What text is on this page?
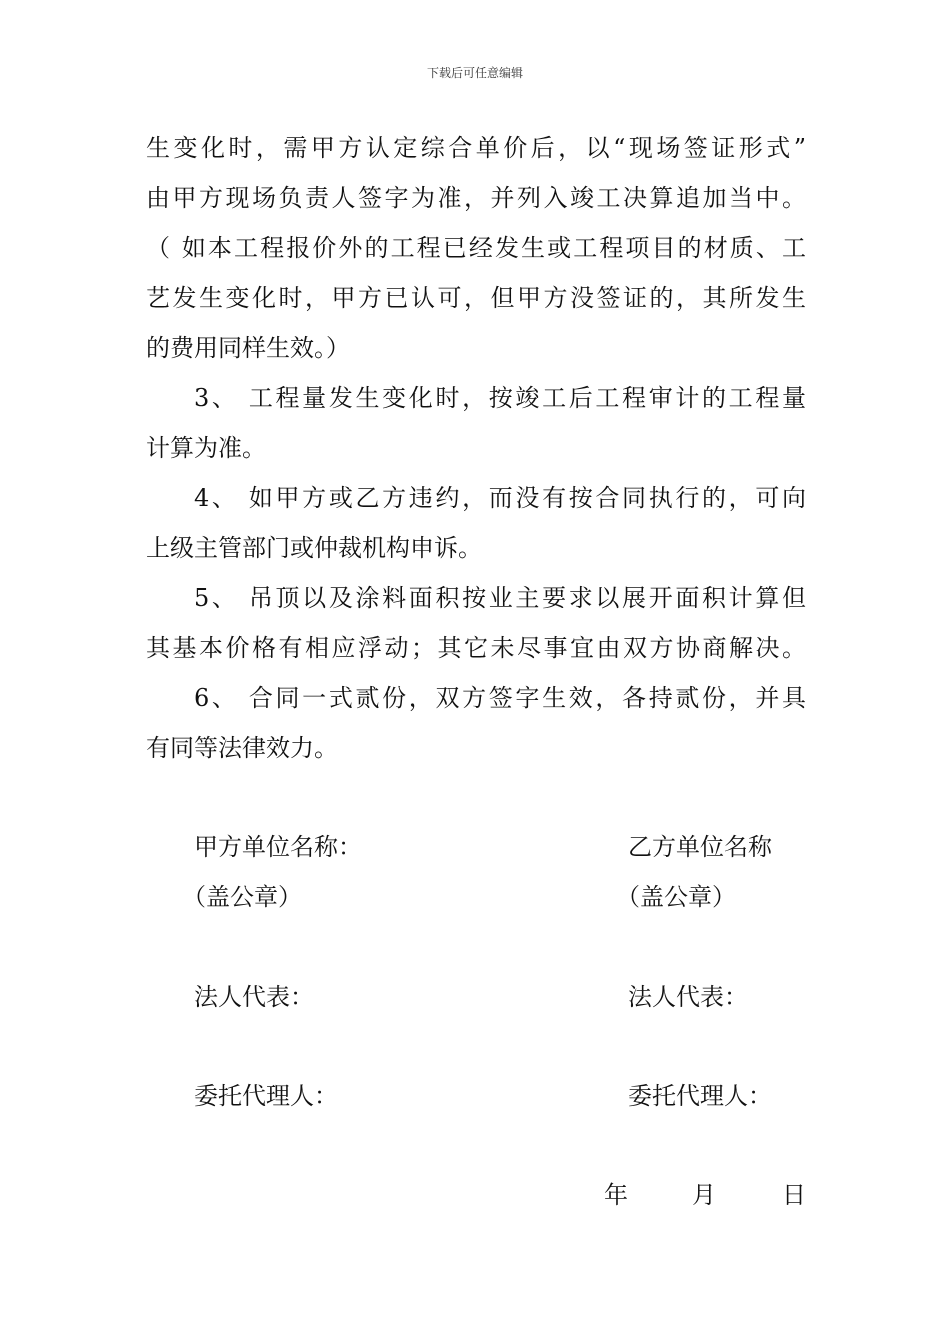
下载后可任意编辑
生变化时，需甲方认定综合单价后，以“现场签证形式”
由甲方现场负责人签字为准，并列入竣工决算追加当中。
（ 如本工程报价外的工程已经发生或工程项目的材质、工
艺发生变化时，甲方已认可，但甲方没签证的，其所发生
的费用同样生效。）
3、 工程量发生变化时，按竣工后工程审计的工程量
计算为准。
4、 如甲方或乙方违约，而没有按合同执行的，可向
上级主管部门或仲裁机构申诉。
5、 吊顶以及涂料面积按业主要求以展开面积计算但
其基本价格有相应浮动；其它未尽事宜由双方协商解决。
6、 合同一式贰份，双方签字生效，各持贰份，并具
有同等法律效力。
甲方单位名称：	乙方单位名称
（盖公章）	（盖公章）
法人代表：	法人代表：
委托代理人：	委托代理人：
年	月	日
